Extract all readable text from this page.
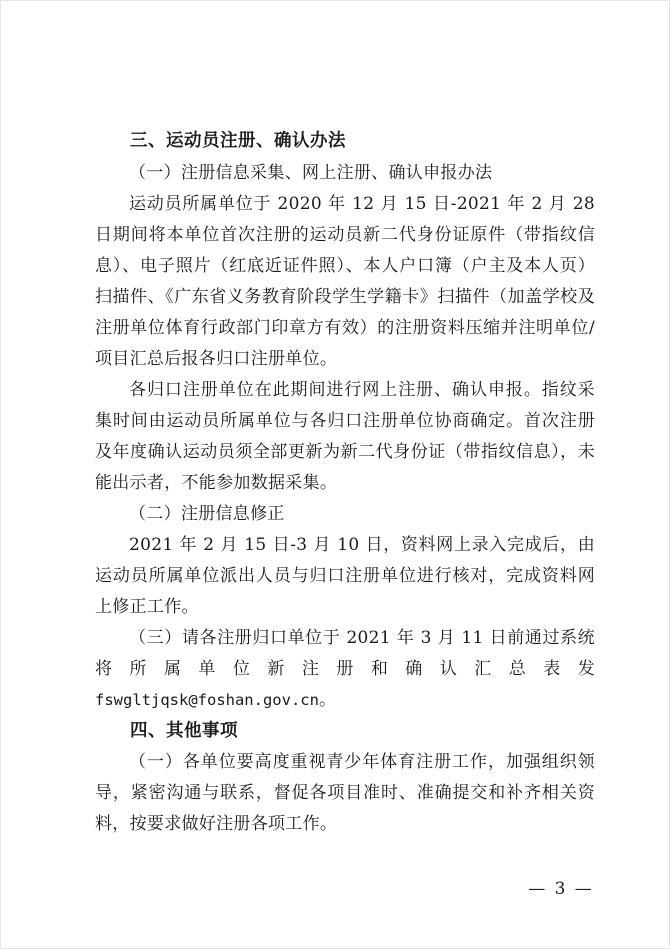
三、运动员注册、确认办法

（一）注册信息采集、网上注册、确认申报办法

运动员所属单位于 2020 年 12 月 15 日-2021 年 2 月 28 日期间将本单位首次注册的运动员新二代身份证原件（带指纹信息）、电子照片（红底近证件照）、本人户口簿（户主及本人页）扫描件、《广东省义务教育阶段学生学籍卡》扫描件（加盖学校及注册单位体育行政部门印章方有效）的注册资料压缩并注明单位/项目汇总后报各归口注册单位。

各归口注册单位在此期间进行网上注册、确认申报。指纹采集时间由运动员所属单位与各归口注册单位协商确定。首次注册及年度确认运动员须全部更新为新二代身份证（带指纹信息），未能出示者，不能参加数据采集。

（二）注册信息修正

2021 年 2 月 15 日-3 月 10 日，资料网上录入完成后，由运动员所属单位派出人员与归口注册单位进行核对，完成资料网上修正工作。

（三）请各注册归口单位于 2021 年 3 月 11 日前通过系统将所属单位新注册和确认汇总表发 fswgltjqsk@foshan.gov.cn。

四、其他事项

（一）各单位要高度重视青少年体育注册工作，加强组织领导，紧密沟通与联系，督促各项目准时、准确提交和补齐相关资料，按要求做好注册各项工作。

— 3 —
